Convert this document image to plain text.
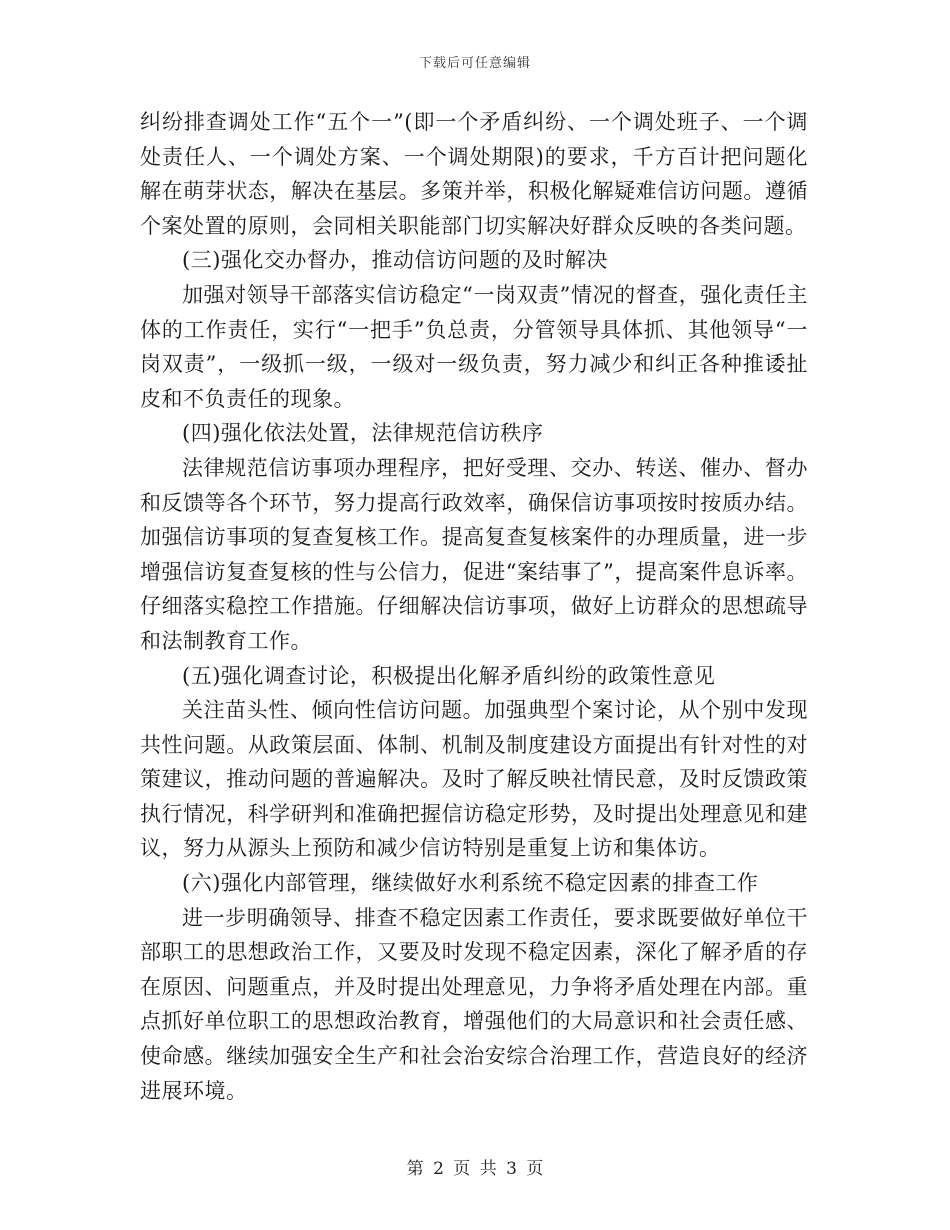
下载后可任意编辑

纠纷排查调处工作“五个一”(即一个矛盾纠纷、一个调处班子、一个调处责任人、一个调处方案、一个调处期限)的要求，千方百计把问题化解在萌芽状态，解决在基层。多策并举，积极化解疑难信访问题。遵循个案处置的原则，会同相关职能部门切实解决好群众反映的各类问题。

(三)强化交办督办，推动信访问题的及时解决

加强对领导干部落实信访稳定“一岗双责”情况的督查，强化责任主体的工作责任，实行“一把手”负总责，分管领导具体抓、其他领导“一岗双责”，一级抓一级，一级对一级负责，努力减少和纠正各种推诿扯皮和不负责任的现象。

(四)强化依法处置，法律规范信访秩序

法律规范信访事项办理程序，把好受理、交办、转送、催办、督办和反馈等各个环节，努力提高行政效率，确保信访事项按时按质办结。加强信访事项的复查复核工作。提高复查复核案件的办理质量，进一步增强信访复查复核的性与公信力，促进“案结事了”，提高案件息诉率。仔细落实稳控工作措施。仔细解决信访事项，做好上访群众的思想疏导和法制教育工作。

(五)强化调查讨论，积极提出化解矛盾纠纷的政策性意见

关注苗头性、倾向性信访问题。加强典型个案讨论，从个别中发现共性问题。从政策层面、体制、机制及制度建设方面提出有针对性的对策建议，推动问题的普遍解决。及时了解反映社情民意，及时反馈政策执行情况，科学研判和准确把握信访稳定形势，及时提出处理意见和建议，努力从源头上预防和减少信访特别是重复上访和集体访。

(六)强化内部管理，继续做好水利系统不稳定因素的排查工作

进一步明确领导、排查不稳定因素工作责任，要求既要做好单位干部职工的思想政治工作，又要及时发现不稳定因素，深化了解矛盾的存在原因、问题重点，并及时提出处理意见，力争将矛盾处理在内部。重点抓好单位职工的思想政治教育，增强他们的大局意识和社会责任感、使命感。继续加强安全生产和社会治安综合治理工作，营造良好的经济进展环境。

第 2 页 共 3 页
